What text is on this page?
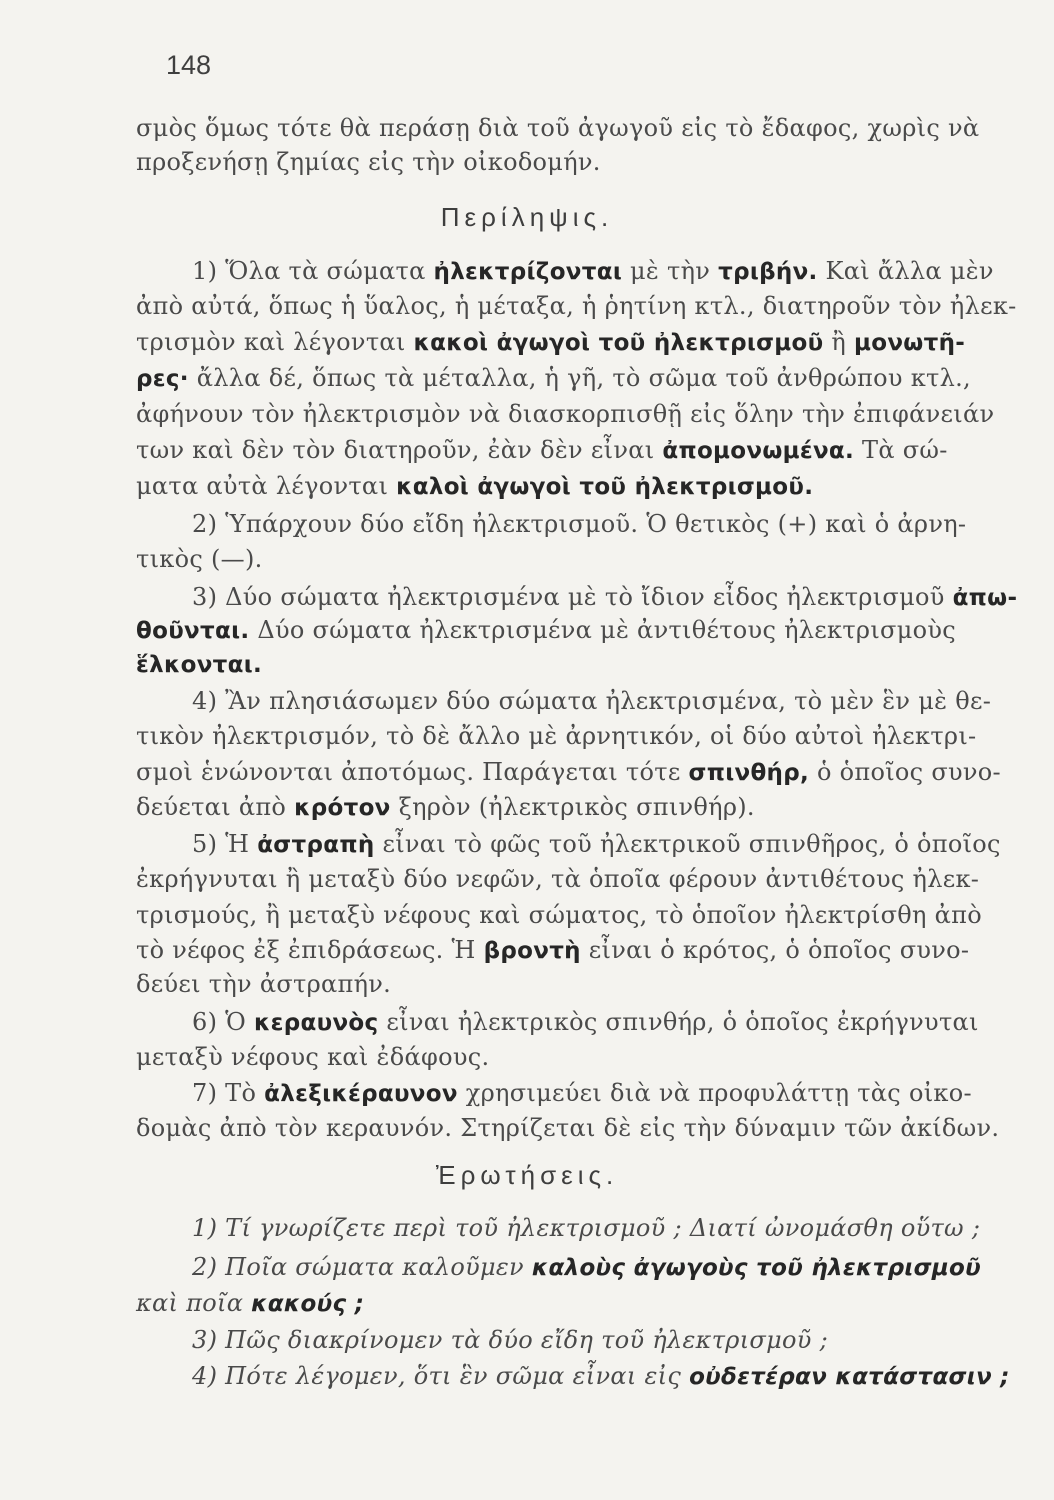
148
σμὸς ὅμως τότε θὰ περάσῃ διὰ τοῦ ἀγωγοῦ εἰς τὸ ἔδαφος, χωρὶς νὰ
προξενήσῃ ζημίας εἰς τὴν οἰκοδομήν.
Περίληψις.
1) Ὅλα τὰ σώματα ἠλεκτρίζονται μὲ τὴν τριβήν. Καὶ ἄλλα μὲν
ἀπὸ αὐτά, ὅπως ἡ ὕαλος, ἡ μέταξα, ἡ ῥητίνη κτλ., διατηροῦν τὸν ἠλεκ-
τρισμὸν καὶ λέγονται κακοὶ ἀγωγοὶ τοῦ ἠλεκτρισμοῦ ἢ μονωτῆ-
ρες· ἄλλα δέ, ὅπως τὰ μέταλλα, ἡ γῆ, τὸ σῶμα τοῦ ἀνθρώπου κτλ.,
ἀφήνουν τὸν ἠλεκτρισμὸν νὰ διασκορπισθῇ εἰς ὅλην τὴν ἐπιφάνειάν
των καὶ δὲν τὸν διατηροῦν, ἐὰν δὲν εἶναι ἀπομονωμένα. Τὰ σώ-
ματα αὐτὰ λέγονται καλοὶ ἀγωγοὶ τοῦ ἠλεκτρισμοῦ.
2) Ὑπάρχουν δύο εἴδη ἠλεκτρισμοῦ. Ὁ θετικὸς (+) καὶ ὁ ἀρνη-
τικὸς (—).
3) Δύο σώματα ἠλεκτρισμένα μὲ τὸ ἴδιον εἶδος ἠλεκτρισμοῦ ἀπω-
θοῦνται. Δύο σώματα ἠλεκτρισμένα μὲ ἀντιθέτους ἠλεκτρισμοὺς
ἕλκονται.
4) Ἂν πλησιάσωμεν δύο σώματα ἠλεκτρισμένα, τὸ μὲν ἓν μὲ θε-
τικὸν ἠλεκτρισμόν, τὸ δὲ ἄλλο μὲ ἀρνητικόν, οἱ δύο αὐτοὶ ἠλεκτρι-
σμοὶ ἑνώνονται ἀποτόμως. Παράγεται τότε σπινθήρ, ὁ ὁποῖος συνο-
δεύεται ἀπὸ κρότον ξηρὸν (ἠλεκτρικὸς σπινθήρ).
5) Ἡ ἀστραπὴ εἶναι τὸ φῶς τοῦ ἠλεκτρικοῦ σπινθῆρος, ὁ ὁποῖος
ἐκρήγνυται ἢ μεταξὺ δύο νεφῶν, τὰ ὁποῖα φέρουν ἀντιθέτους ἠλεκ-
τρισμούς, ἢ μεταξὺ νέφους καὶ σώματος, τὸ ὁποῖον ἠλεκτρίσθη ἀπὸ
τὸ νέφος ἐξ ἐπιδράσεως. Ἡ βροντὴ εἶναι ὁ κρότος, ὁ ὁποῖος συνο-
δεύει τὴν ἀστραπήν.
6) Ὁ κεραυνὸς εἶναι ἠλεκτρικὸς σπινθήρ, ὁ ὁποῖος ἐκρήγνυται
μεταξὺ νέφους καὶ ἐδάφους.
7) Τὸ ἀλεξικέραυνον χρησιμεύει διὰ νὰ προφυλάττῃ τὰς οἰκο-
δομὰς ἀπὸ τὸν κεραυνόν. Στηρίζεται δὲ εἰς τὴν δύναμιν τῶν ἀκίδων.
Ἐρωτήσεις.
1) Τί γνωρίζετε περὶ τοῦ ἠλεκτρισμοῦ ; Διατί ὠνομάσθη οὕτω ;
2) Ποῖα σώματα καλοῦμεν καλοὺς ἀγωγοὺς τοῦ ἠλεκτρισμοῦ
καὶ ποῖα κακούς ;
3) Πῶς διακρίνομεν τὰ δύο εἴδη τοῦ ἠλεκτρισμοῦ ;
4) Πότε λέγομεν, ὅτι ἓν σῶμα εἶναι εἰς οὐδετέραν κατάστασιν ;
